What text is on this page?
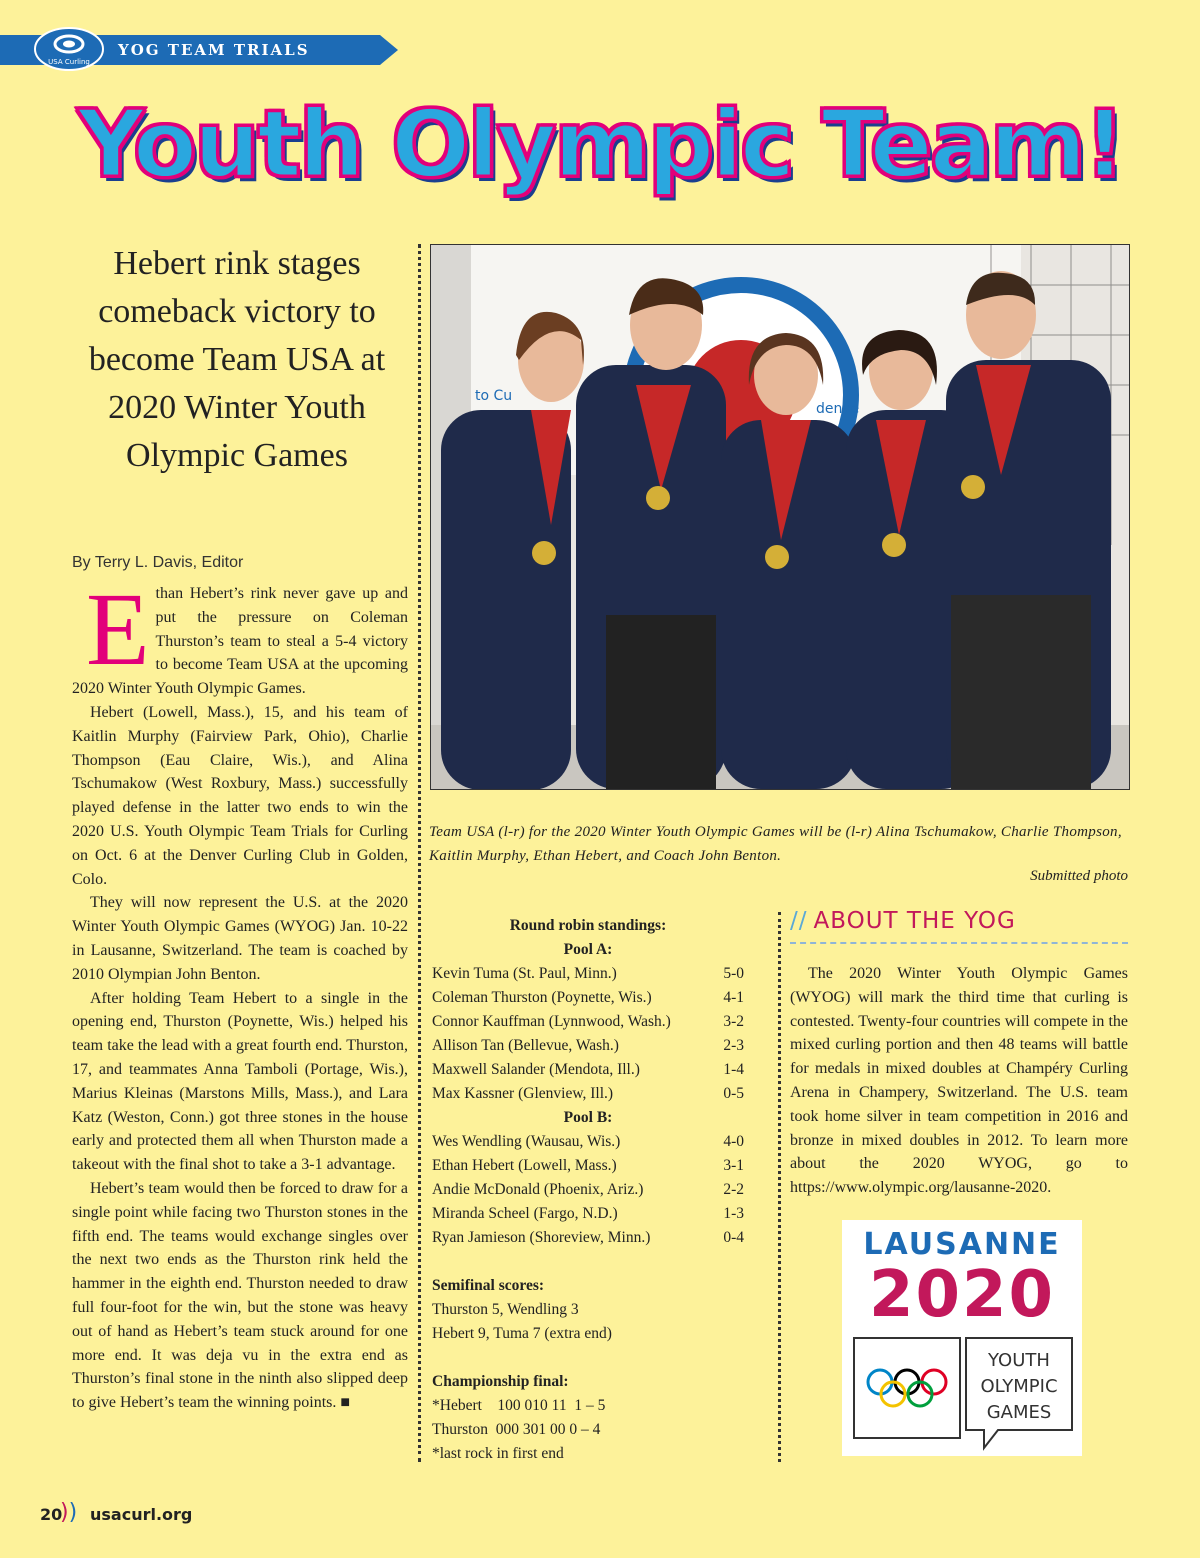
YOG TEAM TRIALS
USA Curling
Youth Olympic Team!
Hebert rink stages comeback victory to become Team USA at 2020 Winter Youth Olympic Games
By Terry L. Davis, Editor

Ethan Hebert’s rink never gave up and put the pressure on Coleman Thurston’s team to steal a 5-4 victory to become Team USA at the upcoming 2020 Winter Youth Olympic Games.

Hebert (Lowell, Mass.), 15, and his team of Kaitlin Murphy (Fairview Park, Ohio), Charlie Thompson (Eau Claire, Wis.), and Alina Tschumakow (West Roxbury, Mass.) successfully played defense in the latter two ends to win the 2020 U.S. Youth Olympic Team Trials for Curling on Oct. 6 at the Denver Curling Club in Golden, Colo.

They will now represent the U.S. at the 2020 Winter Youth Olympic Games (WYOG) Jan. 10-22 in Lausanne, Switzerland. The team is coached by 2010 Olympian John Benton.

After holding Team Hebert to a single in the opening end, Thurston (Poynette, Wis.) helped his team take the lead with a great fourth end. Thurston, 17, and teammates Anna Tamboli (Portage, Wis.), Marius Kleinas (Marstons Mills, Mass.), and Lara Katz (Weston, Conn.) got three stones in the house early and protected them all when Thurston made a takeout with the final shot to take a 3-1 advantage.

Hebert’s team would then be forced to draw for a single point while facing two Thurston stones in the fifth end. The teams would exchange singles over the next two ends as the Thurston rink held the hammer in the eighth end. Thurston needed to draw full four-foot for the win, but the stone was heavy out of hand as Hebert’s team stuck around for one more end. It was deja vu in the extra end as Thurston’s final stone in the ninth also slipped deep to give Hebert’s team the winning points. ■

to Cu
denve
Team USA (l-r) for the 2020 Winter Youth Olympic Games will be (l-r) Alina Tschumakow, Charlie Thompson, Kaitlin Murphy, Ethan Hebert, and Coach John Benton.
Submitted photo
Round robin standings:
Pool A:
Kevin Tuma (St. Paul, Minn.)	5-0
Coleman Thurston (Poynette, Wis.)	4-1
Connor Kauffman (Lynnwood, Wash.)	3-2
Allison Tan (Bellevue, Wash.)	2-3
Maxwell Salander (Mendota, Ill.)	1-4
Max Kassner (Glenview, Ill.)	0-5
Pool B:
Wes Wendling (Wausau, Wis.)	4-0
Ethan Hebert (Lowell, Mass.)	3-1
Andie McDonald (Phoenix, Ariz.)	2-2
Miranda Scheel (Fargo, N.D.)	1-3
Ryan Jamieson (Shoreview, Minn.)	0-4
Semifinal scores:
Thurston 5, Wendling 3
Hebert 9, Tuma 7 (extra end)
Championship final:
*Hebert    100 010 11  1 – 5
Thurston  000 301 00 0 – 4
*last rock in first end
// ABOUT THE YOG
The 2020 Winter Youth Olympic Games (WYOG) will mark the third time that curling is contested. Twenty-four countries will compete in the mixed curling portion and then 48 teams will battle for medals in mixed doubles at Champéry Curling Arena in Champery, Switzerland. The U.S. team took home silver in team competition in 2016 and bronze in mixed doubles in 2012. To learn more about the 2020 WYOG, go to https://www.olympic.org/lausanne-2020.
LAUSANNE
2020
YOUTH
OLYMPIC
GAMES
20
)) usacurl.org
